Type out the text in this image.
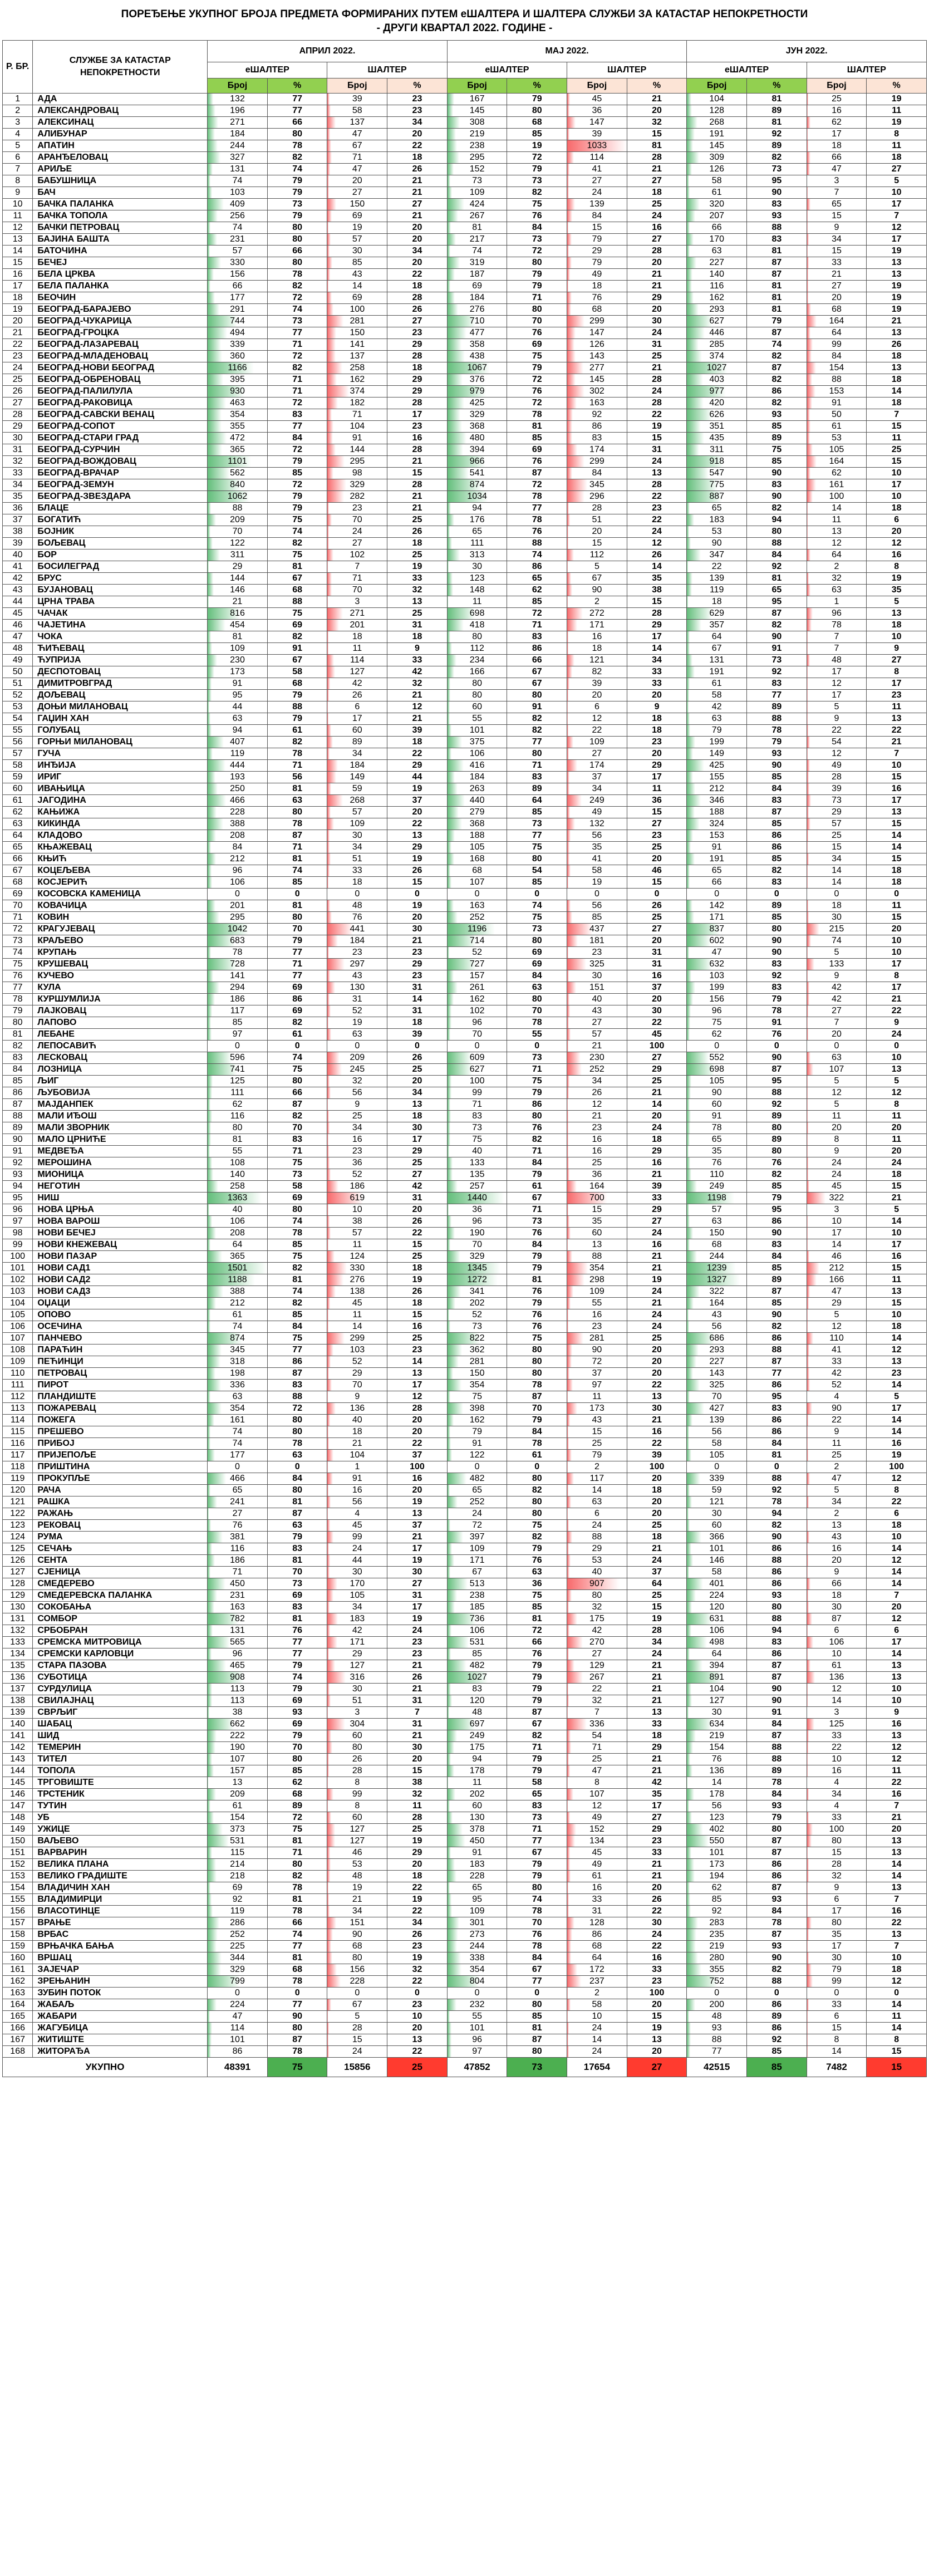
ПОРЕЂЕЊЕ УКУПНОГ БРОЈА ПРЕДМЕТА ФОРМИРАНИХ ПУТЕМ еШАЛТЕРА И ШАЛТЕРА СЛУЖБИ ЗА КАТАСТАР НЕПОКРЕТНОСТИ
- ДРУГИ КВАРТАЛ 2022. ГОДИНЕ -
Р. БР.	СЛУЖБЕ ЗА КАТАСТАР НЕПОКРЕТНОСТИ	АПРИЛ 2022.	МАЈ 2022.	ЈУН 2022.
еШАЛТЕР	ШАЛТЕР	еШАЛТЕР	ШАЛТЕР	еШАЛТЕР	ШАЛТЕР
Број	%	Број	%	Број	%	Број	%	Број	%	Број	%
1	АДА	132	77	39	23	167	79	45	21	104	81	25	19

2	АЛЕКСАНДРОВАЦ	196	77	58	23	145	80	36	20	128	89	16	11

3	АЛЕКСИНАЦ	271	66	137	34	308	68	147	32	268	81	62	19

4	АЛИБУНАР	184	80	47	20	219	85	39	15	191	92	17	8

5	АПАТИН	244	78	67	22	238	19	1033	81	145	89	18	11

6	АРАНЂЕЛОВАЦ	327	82	71	18	295	72	114	28	309	82	66	18

7	АРИЉЕ	131	74	47	26	152	79	41	21	126	73	47	27

8	БАБУШНИЦА	74	79	20	21	73	73	27	27	58	95	3	5

9	БАЧ	103	79	27	21	109	82	24	18	61	90	7	10

10	БАЧКА ПАЛАНКА	409	73	150	27	424	75	139	25	320	83	65	17

11	БАЧКА ТОПОЛА	256	79	69	21	267	76	84	24	207	93	15	7

12	БАЧКИ ПЕТРОВАЦ	74	80	19	20	81	84	15	16	66	88	9	12

13	БАЈИНА БАШТА	231	80	57	20	217	73	79	27	170	83	34	17

14	БАТОЧИНА	57	66	30	34	74	72	29	28	63	81	15	19

15	БЕЧЕЈ	330	80	85	20	319	80	79	20	227	87	33	13

16	БЕЛА ЦРКВА	156	78	43	22	187	79	49	21	140	87	21	13

17	БЕЛА ПАЛАНКА	66	82	14	18	69	79	18	21	116	81	27	19

18	БЕОЧИН	177	72	69	28	184	71	76	29	162	81	20	19

19	БЕОГРАД-БАРАЈЕВО	291	74	100	26	276	80	68	20	293	81	68	19

20	БЕОГРАД-ЧУКАРИЦА	744	73	281	27	710	70	299	30	627	79	164	21

21	БЕОГРАД-ГРОЦКА	494	77	150	23	477	76	147	24	446	87	64	13

22	БЕОГРАД-ЛАЗАРЕВАЦ	339	71	141	29	358	69	126	31	285	74	99	26

23	БЕОГРАД-МЛАДЕНОВАЦ	360	72	137	28	438	75	143	25	374	82	84	18

24	БЕОГРАД-НОВИ БЕОГРАД	1166	82	258	18	1067	79	277	21	1027	87	154	13

25	БЕОГРАД-ОБРЕНОВАЦ	395	71	162	29	376	72	145	28	403	82	88	18

26	БЕОГРАД-ПАЛИЛУЛА	930	71	374	29	979	76	302	24	977	86	153	14

27	БЕОГРАД-РАКОВИЦА	463	72	182	28	425	72	163	28	420	82	91	18

28	БЕОГРАД-САВСКИ ВЕНАЦ	354	83	71	17	329	78	92	22	626	93	50	7

29	БЕОГРАД-СОПОТ	355	77	104	23	368	81	86	19	351	85	61	15

30	БЕОГРАД-СТАРИ ГРАД	472	84	91	16	480	85	83	15	435	89	53	11

31	БЕОГРАД-СУРЧИН	365	72	144	28	394	69	174	31	311	75	105	25

32	БЕОГРАД-ВОЖДОВАЦ	1101	79	295	21	966	76	299	24	918	85	164	15

33	БЕОГРАД-ВРАЧАР	562	85	98	15	541	87	84	13	547	90	62	10

34	БЕОГРАД-ЗЕМУН	840	72	329	28	874	72	345	28	775	83	161	17

35	БЕОГРАД-ЗВЕЗДАРА	1062	79	282	21	1034	78	296	22	887	90	100	10

36	БЛАЦЕ	88	79	23	21	94	77	28	23	65	82	14	18

37	БОГАТИЋ	209	75	70	25	176	78	51	22	183	94	11	6

38	БОЈНИК	70	74	24	26	65	76	20	24	53	80	13	20

39	БОЉЕВАЦ	122	82	27	18	111	88	15	12	90	88	12	12

40	БОР	311	75	102	25	313	74	112	26	347	84	64	16

41	БОСИЛЕГРАД	29	81	7	19	30	86	5	14	22	92	2	8

42	БРУС	144	67	71	33	123	65	67	35	139	81	32	19

43	БУЈАНОВАЦ	146	68	70	32	148	62	90	38	119	65	63	35

44	ЦРНА ТРАВА	21	88	3	13	11	85	2	15	18	95	1	5

45	ЧАЧАК	816	75	271	25	698	72	272	28	629	87	96	13

46	ЧАЈЕТИНА	454	69	201	31	418	71	171	29	357	82	78	18

47	ЧОКА	81	82	18	18	80	83	16	17	64	90	7	10

48	ЋИЋЕВАЦ	109	91	11	9	112	86	18	14	67	91	7	9

49	ЋУПРИЈА	230	67	114	33	234	66	121	34	131	73	48	27

50	ДЕСПОТОВАЦ	173	58	127	42	166	67	82	33	191	92	17	8

51	ДИМИТРОВГРАД	91	68	42	32	80	67	39	33	61	83	12	17

52	ДОЉЕВАЦ	95	79	26	21	80	80	20	20	58	77	17	23

53	ДОЊИ МИЛАНОВАЦ	44	88	6	12	60	91	6	9	42	89	5	11

54	ГАЏИН ХАН	63	79	17	21	55	82	12	18	63	88	9	13

55	ГОЛУБАЦ	94	61	60	39	101	82	22	18	79	78	22	22

56	ГОРЊИ МИЛАНОВАЦ	407	82	89	18	375	77	109	23	199	79	54	21

57	ГУЧА	119	78	34	22	106	80	27	20	149	93	12	7

58	ИНЂИЈА	444	71	184	29	416	71	174	29	425	90	49	10

59	ИРИГ	193	56	149	44	184	83	37	17	155	85	28	15

60	ИВАЊИЦА	250	81	59	19	263	89	34	11	212	84	39	16

61	ЈАГОДИНА	466	63	268	37	440	64	249	36	346	83	73	17

62	КАЊИЖА	228	80	57	20	279	85	49	15	188	87	29	13

63	КИКИНДА	388	78	109	22	368	73	132	27	324	85	57	15

64	КЛАДОВО	208	87	30	13	188	77	56	23	153	86	25	14

65	КЊАЖЕВАЦ	84	71	34	29	105	75	35	25	91	86	15	14

66	КЊИЋ	212	81	51	19	168	80	41	20	191	85	34	15

67	КОЦЕЉЕВА	96	74	33	26	68	54	58	46	65	82	14	18

68	КОСЈЕРИЋ	106	85	18	15	107	85	19	15	66	83	14	18

69	КОСОВСКА КАМЕНИЦА	0	0	0	0	0	0	0	0	0	0	0	0

70	КОВАЧИЦА	201	81	48	19	163	74	56	26	142	89	18	11

71	КОВИН	295	80	76	20	252	75	85	25	171	85	30	15

72	КРАГУЈЕВАЦ	1042	70	441	30	1196	73	437	27	837	80	215	20

73	КРАЉЕВО	683	79	184	21	714	80	181	20	602	90	74	10

74	КРУПАЊ	78	77	23	23	52	69	23	31	47	90	5	10

75	КРУШЕВАЦ	728	71	297	29	727	69	325	31	632	83	133	17

76	КУЧЕВО	141	77	43	23	157	84	30	16	103	92	9	8

77	КУЛА	294	69	130	31	261	63	151	37	199	83	42	17

78	КУРШУМЛИЈА	186	86	31	14	162	80	40	20	156	79	42	21

79	ЛАЈКОВАЦ	117	69	52	31	102	70	43	30	96	78	27	22

80	ЛАПОВО	85	82	19	18	96	78	27	22	75	91	7	9

81	ЛЕБАНЕ	97	61	63	39	70	55	57	45	62	76	20	24

82	ЛЕПОСАВИЋ	0	0	0	0	0	0	21	100	0	0	0	0

83	ЛЕСКОВАЦ	596	74	209	26	609	73	230	27	552	90	63	10

84	ЛОЗНИЦА	741	75	245	25	627	71	252	29	698	87	107	13

85	ЉИГ	125	80	32	20	100	75	34	25	105	95	5	5

86	ЉУБОВИЈА	111	66	56	34	99	79	26	21	90	88	12	12

87	МАЈДАНПЕК	62	87	9	13	71	86	12	14	60	92	5	8

88	МАЛИ ИЂОШ	116	82	25	18	83	80	21	20	91	89	11	11

89	МАЛИ ЗВОРНИК	80	70	34	30	73	76	23	24	78	80	20	20

90	МАЛО ЦРНИЋЕ	81	83	16	17	75	82	16	18	65	89	8	11

91	МЕДВЕЂА	55	71	23	29	40	71	16	29	35	80	9	20

92	МЕРОШИНА	108	75	36	25	133	84	25	16	76	76	24	24

93	МИОНИЦА	140	73	52	27	135	79	36	21	110	82	24	18

94	НЕГОТИН	258	58	186	42	257	61	164	39	249	85	45	15

95	НИШ	1363	69	619	31	1440	67	700	33	1198	79	322	21

96	НОВА ЦРЊА	40	80	10	20	36	71	15	29	57	95	3	5

97	НОВА ВАРОШ	106	74	38	26	96	73	35	27	63	86	10	14

98	НОВИ БЕЧЕЈ	208	78	57	22	190	76	60	24	150	90	17	10

99	НОВИ КНЕЖЕВАЦ	64	85	11	15	70	84	13	16	68	83	14	17

100	НОВИ ПАЗАР	365	75	124	25	329	79	88	21	244	84	46	16

101	НОВИ САД1	1501	82	330	18	1345	79	354	21	1239	85	212	15

102	НОВИ САД2	1188	81	276	19	1272	81	298	19	1327	89	166	11

103	НОВИ САД3	388	74	138	26	341	76	109	24	322	87	47	13

104	ОЏАЦИ	212	82	45	18	202	79	55	21	164	85	29	15

105	ОПОВО	61	85	11	15	52	76	16	24	43	90	5	10

106	ОСЕЧИНА	74	84	14	16	73	76	23	24	56	82	12	18

107	ПАНЧЕВО	874	75	299	25	822	75	281	25	686	86	110	14

108	ПАРАЋИН	345	77	103	23	362	80	90	20	293	88	41	12

109	ПЕЋИНЦИ	318	86	52	14	281	80	72	20	227	87	33	13

110	ПЕТРОВАЦ	198	87	29	13	150	80	37	20	143	77	42	23

111	ПИРОТ	336	83	70	17	354	78	97	22	325	86	52	14

112	ПЛАНДИШТЕ	63	88	9	12	75	87	11	13	70	95	4	5

113	ПОЖАРЕВАЦ	354	72	136	28	398	70	173	30	427	83	90	17

114	ПОЖЕГА	161	80	40	20	162	79	43	21	139	86	22	14

115	ПРЕШЕВО	74	80	18	20	79	84	15	16	56	86	9	14

116	ПРИБОЈ	74	78	21	22	91	78	25	22	58	84	11	16

117	ПРИЈЕПОЉЕ	177	63	104	37	122	61	79	39	105	81	25	19

118	ПРИШТИНА	0	0	1	100	0	0	2	100	0	0	2	100

119	ПРОКУПЉЕ	466	84	91	16	482	80	117	20	339	88	47	12

120	РАЧА	65	80	16	20	65	82	14	18	59	92	5	8

121	РАШКА	241	81	56	19	252	80	63	20	121	78	34	22

122	РАЖАЊ	27	87	4	13	24	80	6	20	30	94	2	6

123	РЕКОВАЦ	76	63	45	37	72	75	24	25	60	82	13	18

124	РУМА	381	79	99	21	397	82	88	18	366	90	43	10

125	СЕЧАЊ	116	83	24	17	109	79	29	21	101	86	16	14

126	СЕНТА	186	81	44	19	171	76	53	24	146	88	20	12

127	СЈЕНИЦА	71	70	30	30	67	63	40	37	58	86	9	14

128	СМЕДЕРЕВО	450	73	170	27	513	36	907	64	401	86	66	14

129	СМЕДЕРЕВСКА ПАЛАНКА	231	69	105	31	238	75	80	25	224	93	18	7

130	СОКОБАЊА	163	83	34	17	185	85	32	15	120	80	30	20

131	СОМБОР	782	81	183	19	736	81	175	19	631	88	87	12

132	СРБОБРАН	131	76	42	24	106	72	42	28	106	94	6	6

133	СРЕМСКА МИТРОВИЦА	565	77	171	23	531	66	270	34	498	83	106	17

134	СРЕМСКИ КАРЛОВЦИ	96	77	29	23	85	76	27	24	64	86	10	14

135	СТАРА ПАЗОВА	465	79	127	21	482	79	129	21	394	87	61	13

136	СУБОТИЦА	908	74	316	26	1027	79	267	21	891	87	136	13

137	СУРДУЛИЦА	113	79	30	21	83	79	22	21	104	90	12	10

138	СВИЛАЈНАЦ	113	69	51	31	120	79	32	21	127	90	14	10

139	СВРЉИГ	38	93	3	7	48	87	7	13	30	91	3	9

140	ШАБАЦ	662	69	304	31	697	67	336	33	634	84	125	16

141	ШИД	222	79	60	21	249	82	54	18	219	87	33	13

142	ТЕМЕРИН	190	70	80	30	175	71	71	29	154	88	22	12

143	ТИТЕЛ	107	80	26	20	94	79	25	21	76	88	10	12

144	ТОПОЛА	157	85	28	15	178	79	47	21	136	89	16	11

145	ТРГОВИШТЕ	13	62	8	38	11	58	8	42	14	78	4	22

146	ТРСТЕНИК	209	68	99	32	202	65	107	35	178	84	34	16

147	ТУТИН	61	89	8	11	60	83	12	17	56	93	4	7

148	УБ	154	72	60	28	130	73	49	27	123	79	33	21

149	УЖИЦЕ	373	75	127	25	378	71	152	29	402	80	100	20

150	ВАЉЕВО	531	81	127	19	450	77	134	23	550	87	80	13

151	ВАРВАРИН	115	71	46	29	91	67	45	33	101	87	15	13

152	ВЕЛИКА ПЛАНА	214	80	53	20	183	79	49	21	173	86	28	14

153	ВЕЛИКО ГРАДИШТЕ	218	82	48	18	228	79	61	21	194	86	32	14

154	ВЛАДИЧИН ХАН	69	78	19	22	65	80	16	20	62	87	9	13

155	ВЛАДИМИРЦИ	92	81	21	19	95	74	33	26	85	93	6	7

156	ВЛАСОТИНЦЕ	119	78	34	22	109	78	31	22	92	84	17	16

157	ВРАЊЕ	286	66	151	34	301	70	128	30	283	78	80	22

158	ВРБАС	252	74	90	26	273	76	86	24	235	87	35	13

159	ВРЊАЧКА БАЊА	225	77	68	23	244	78	68	22	219	93	17	7

160	ВРШАЦ	344	81	80	19	338	84	64	16	280	90	30	10

161	ЗАЈЕЧАР	329	68	156	32	354	67	172	33	355	82	79	18

162	ЗРЕЊАНИН	799	78	228	22	804	77	237	23	752	88	99	12

163	ЗУБИН ПОТОК	0	0	0	0	0	0	2	100	0	0	0	0

164	ЖАБАЉ	224	77	67	23	232	80	58	20	200	86	33	14

165	ЖАБАРИ	47	90	5	10	55	85	10	15	48	89	6	11

166	ЖАГУБИЦА	114	80	28	20	101	81	24	19	93	86	15	14

167	ЖИТИШТЕ	101	87	15	13	96	87	14	13	88	92	8	8

168	ЖИТОРАЂА	86	78	24	22	97	80	24	20	77	85	14	15

УКУПНО	48391	75	15856	25	47852	73	17654	27	42515	85	7482	15
